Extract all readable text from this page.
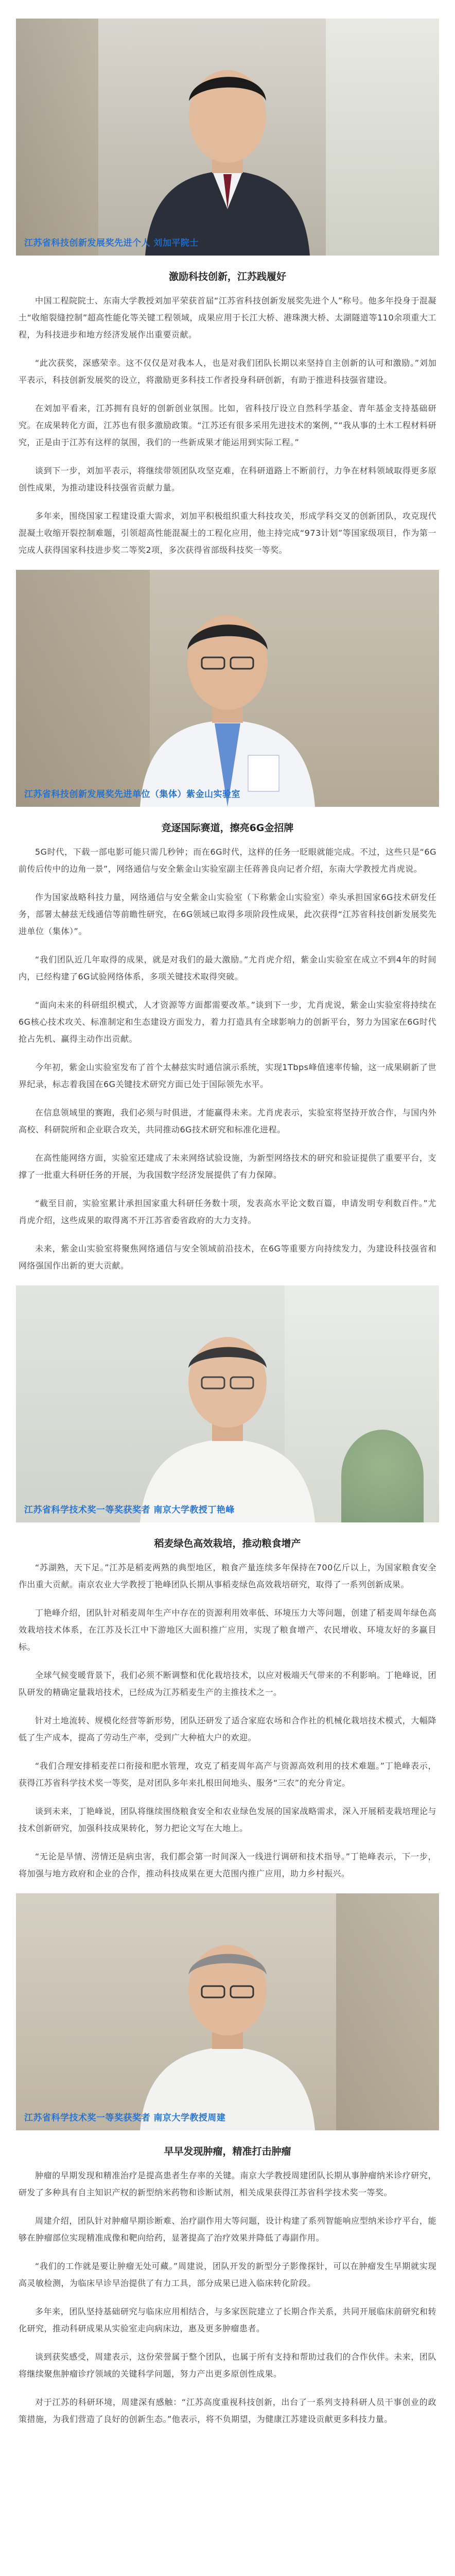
江苏省科技创新发展奖先进个人 刘加平院士
激励科技创新，江苏践履好

中国工程院院士、东南大学教授刘加平荣获首届“江苏省科技创新发展奖先进个人”称号。他多年投身于混凝土“收缩裂缝控制”超高性能化等关键工程领域，成果应用于长江大桥、港珠澳大桥、太湖隧道等110余项重大工程，为科技进步和地方经济发展作出重要贡献。

“此次获奖，深感荣幸。这不仅仅是对我本人，也是对我们团队长期以来坚持自主创新的认可和激励。”刘加平表示，科技创新发展奖的设立，将激励更多科技工作者投身科研创新，有助于推进科技强省建设。

在刘加平看来，江苏拥有良好的创新创业氛围。比如，省科技厅设立自然科学基金、青年基金支持基础研究。在成果转化方面，江苏也有很多激励政策。“江苏还有很多采用先进技术的案例，”“我从事的土木工程材料研究，正是由于江苏有这样的氛围，我们的一些新成果才能运用到实际工程。”

谈到下一步，刘加平表示，将继续带领团队攻坚克难，在科研道路上不断前行，力争在材料领域取得更多原创性成果，为推动建设科技强省贡献力量。

多年来，围绕国家工程建设重大需求，刘加平积极组织重大科技攻关，形成学科交叉的创新团队，攻克现代混凝土收缩开裂控制难题，引领超高性能混凝土的工程化应用，他主持完成“973计划”等国家级项目，作为第一完成人获得国家科技进步奖二等奖2项，多次获得省部级科技奖一等奖。

江苏省科技创新发展奖先进单位（集体）紫金山实验室
竞逐国际赛道，擦亮6G金招牌

5G时代，下载一部电影可能只需几秒钟；而在6G时代，这样的任务一眨眼就能完成。不过，这些只是“6G前传后传中的边角一景”，网络通信与安全紫金山实验室副主任蒋善良向记者介绍，东南大学教授尤肖虎说。

作为国家战略科技力量，网络通信与安全紫金山实验室（下称紫金山实验室）牵头承担国家6G技术研发任务，部署太赫兹无线通信等前瞻性研究，在6G领域已取得多项阶段性成果，此次获得“江苏省科技创新发展奖先进单位（集体）”。

“我们团队近几年取得的成果，就是对我们的最大激励。”尤肖虎介绍，紫金山实验室在成立不到4年的时间内，已经构建了6G试验网络体系，多项关键技术取得突破。

“面向未来的科研组织模式，人才资源等方面都需要改革。”谈到下一步，尤肖虎说，紫金山实验室将持续在6G核心技术攻关、标准制定和生态建设方面发力，着力打造具有全球影响力的创新平台，努力为国家在6G时代抢占先机、赢得主动作出贡献。

今年初，紫金山实验室发布了首个太赫兹实时通信演示系统，实现1Tbps峰值速率传输，这一成果刷新了世界纪录，标志着我国在6G关键技术研究方面已处于国际领先水平。

在信息领域里的赛跑，我们必须与时俱进，才能赢得未来。尤肖虎表示，实验室将坚持开放合作，与国内外高校、科研院所和企业联合攻关，共同推动6G技术研究和标准化进程。

在高性能网络方面，实验室还建成了未来网络试验设施，为新型网络技术的研究和验证提供了重要平台，支撑了一批重大科研任务的开展，为我国数字经济发展提供了有力保障。

“截至目前，实验室累计承担国家重大科研任务数十项，发表高水平论文数百篇，申请发明专利数百件。”尤肖虎介绍，这些成果的取得离不开江苏省委省政府的大力支持。

未来，紫金山实验室将聚焦网络通信与安全领域前沿技术，在6G等重要方向持续发力，为建设科技强省和网络强国作出新的更大贡献。

江苏省科学技术奖一等奖获奖者 南京大学教授丁艳峰
稻麦绿色高效栽培，推动粮食增产

“苏湖熟，天下足。”江苏是稻麦两熟的典型地区，粮食产量连续多年保持在700亿斤以上，为国家粮食安全作出重大贡献。南京农业大学教授丁艳峰团队长期从事稻麦绿色高效栽培研究，取得了一系列创新成果。

丁艳峰介绍，团队针对稻麦周年生产中存在的资源利用效率低、环境压力大等问题，创建了稻麦周年绿色高效栽培技术体系，在江苏及长江中下游地区大面积推广应用，实现了粮食增产、农民增收、环境友好的多赢目标。

全球气候变暖背景下，我们必须不断调整和优化栽培技术，以应对极端天气带来的不利影响。丁艳峰说，团队研发的精确定量栽培技术，已经成为江苏稻麦生产的主推技术之一。

针对土地流转、规模化经营等新形势，团队还研发了适合家庭农场和合作社的机械化栽培技术模式，大幅降低了生产成本，提高了劳动生产率，受到广大种植大户的欢迎。

“我们合理安排稻麦茬口衔接和肥水管理，攻克了稻麦周年高产与资源高效利用的技术难题。”丁艳峰表示，获得江苏省科学技术奖一等奖，是对团队多年来扎根田间地头、服务“三农”的充分肯定。

谈到未来，丁艳峰说，团队将继续围绕粮食安全和农业绿色发展的国家战略需求，深入开展稻麦栽培理论与技术创新研究，加强科技成果转化，努力把论文写在大地上。

“无论是旱情、涝情还是病虫害，我们都会第一时间深入一线进行调研和技术指导。”丁艳峰表示，下一步，将加强与地方政府和企业的合作，推动科技成果在更大范围内推广应用，助力乡村振兴。

江苏省科学技术奖一等奖获奖者 南京大学教授周建
早早发现肿瘤，精准打击肿瘤

肿瘤的早期发现和精准治疗是提高患者生存率的关键。南京大学教授周建团队长期从事肿瘤纳米诊疗研究，研发了多种具有自主知识产权的新型纳米药物和诊断试剂，相关成果获得江苏省科学技术奖一等奖。

周建介绍，团队针对肿瘤早期诊断难、治疗副作用大等问题，设计构建了系列智能响应型纳米诊疗平台，能够在肿瘤部位实现精准成像和靶向给药，显著提高了治疗效果并降低了毒副作用。

“我们的工作就是要让肿瘤无处可藏。”周建说，团队开发的新型分子影像探针，可以在肿瘤发生早期就实现高灵敏检测，为临床早诊早治提供了有力工具，部分成果已进入临床转化阶段。

多年来，团队坚持基础研究与临床应用相结合，与多家医院建立了长期合作关系，共同开展临床前研究和转化研究，推动科研成果从实验室走向病床边，惠及更多肿瘤患者。

谈到获奖感受，周建表示，这份荣誉属于整个团队，也属于所有支持和帮助过我们的合作伙伴。未来，团队将继续聚焦肿瘤诊疗领域的关键科学问题，努力产出更多原创性成果。

对于江苏的科研环境，周建深有感触：“江苏高度重视科技创新，出台了一系列支持科研人员干事创业的政策措施，为我们营造了良好的创新生态。”他表示，将不负期望，为健康江苏建设贡献更多科技力量。
